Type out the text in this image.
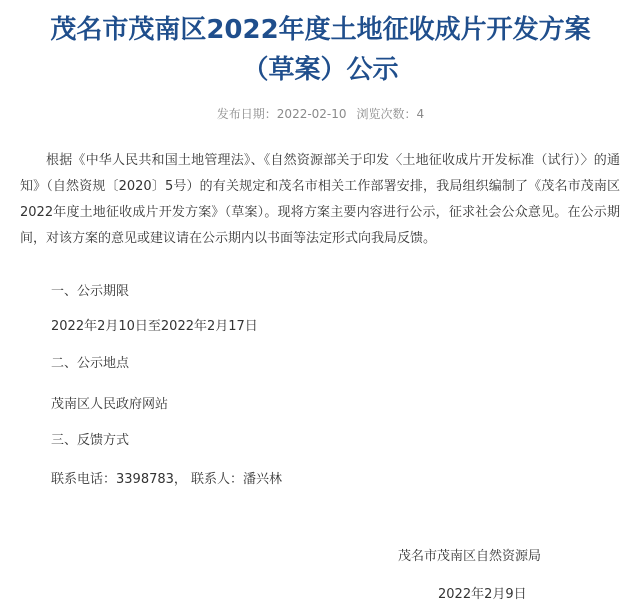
茂名市茂南区2022年度土地征收成片开发方案
（草案）公示
发布日期：2022-02-10 浏览次数：4

根据《中华人民共和国土地管理法》、《自然资源部关于印发〈土地征收成片开发标准（试行）〉的通知》（自然资规〔2020〕5号）的有关规定和茂名市相关工作部署安排，我局组织编制了《茂名市茂南区2022年度土地征收成片开发方案》（草案）。现将方案主要内容进行公示，征求社会公众意见。在公示期间，对该方案的意见或建议请在公示期内以书面等法定形式向我局反馈。

一、公示期限
2022年2月10日至2022年2月17日
二、公示地点
茂南区人民政府网站
三、反馈方式
联系电话：3398783， 联系人：潘兴林
茂名市茂南区自然资源局
2022年2月9日
